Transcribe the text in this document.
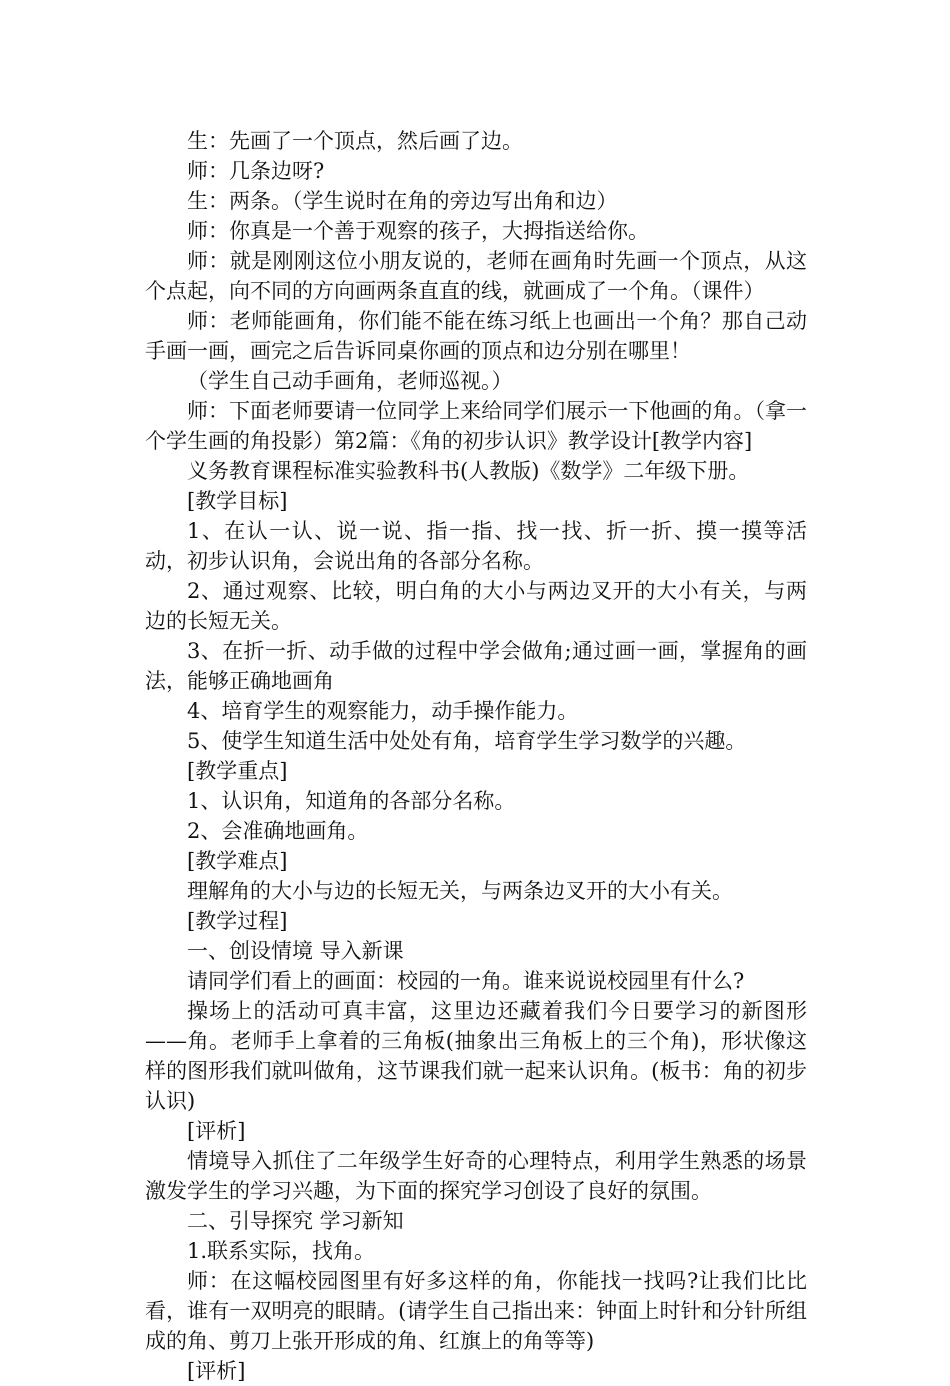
生：先画了一个顶点，然后画了边。

师：几条边呀?

生：两条。（学生说时在角的旁边写出角和边）

师：你真是一个善于观察的孩子，大拇指送给你。

师：就是刚刚这位小朋友说的，老师在画角时先画一个顶点，从这个点起，向不同的方向画两条直直的线，就画成了一个角。（课件）

师：老师能画角，你们能不能在练习纸上也画出一个角？那自己动手画一画，画完之后告诉同桌你画的顶点和边分别在哪里！

（学生自己动手画角，老师巡视。）

师：下面老师要请一位同学上来给同学们展示一下他画的角。（拿一个学生画的角投影）第2篇：《角的初步认识》教学设计[教学内容]

义务教育课程标准实验教科书(人教版)《数学》二年级下册。

[教学目标]

1、在认一认、说一说、指一指、找一找、折一折、摸一摸等活动，初步认识角，会说出角的各部分名称。

2、通过观察、比较，明白角的大小与两边叉开的大小有关，与两边的长短无关。

3、在折一折、动手做的过程中学会做角;通过画一画，掌握角的画法，能够正确地画角

4、培育学生的观察能力，动手操作能力。

5、使学生知道生活中处处有角，培育学生学习数学的兴趣。

[教学重点]

1、认识角，知道角的各部分名称。

2、会准确地画角。

[教学难点]

理解角的大小与边的长短无关，与两条边叉开的大小有关。

[教学过程]

一、创设情境 导入新课

请同学们看上的画面：校园的一角。谁来说说校园里有什么?

操场上的活动可真丰富，这里边还藏着我们今日要学习的新图形——角。老师手上拿着的三角板(抽象出三角板上的三个角)，形状像这样的图形我们就叫做角，这节课我们就一起来认识角。(板书：角的初步认识)

[评析]

情境导入抓住了二年级学生好奇的心理特点，利用学生熟悉的场景激发学生的学习兴趣，为下面的探究学习创设了良好的氛围。

二、引导探究 学习新知

1.联系实际，找角。

师：在这幅校园图里有好多这样的角，你能找一找吗?让我们比比看，谁有一双明亮的眼睛。(请学生自己指出来：钟面上时针和分针所组成的角、剪刀上张开形成的角、红旗上的角等等)

[评析]
